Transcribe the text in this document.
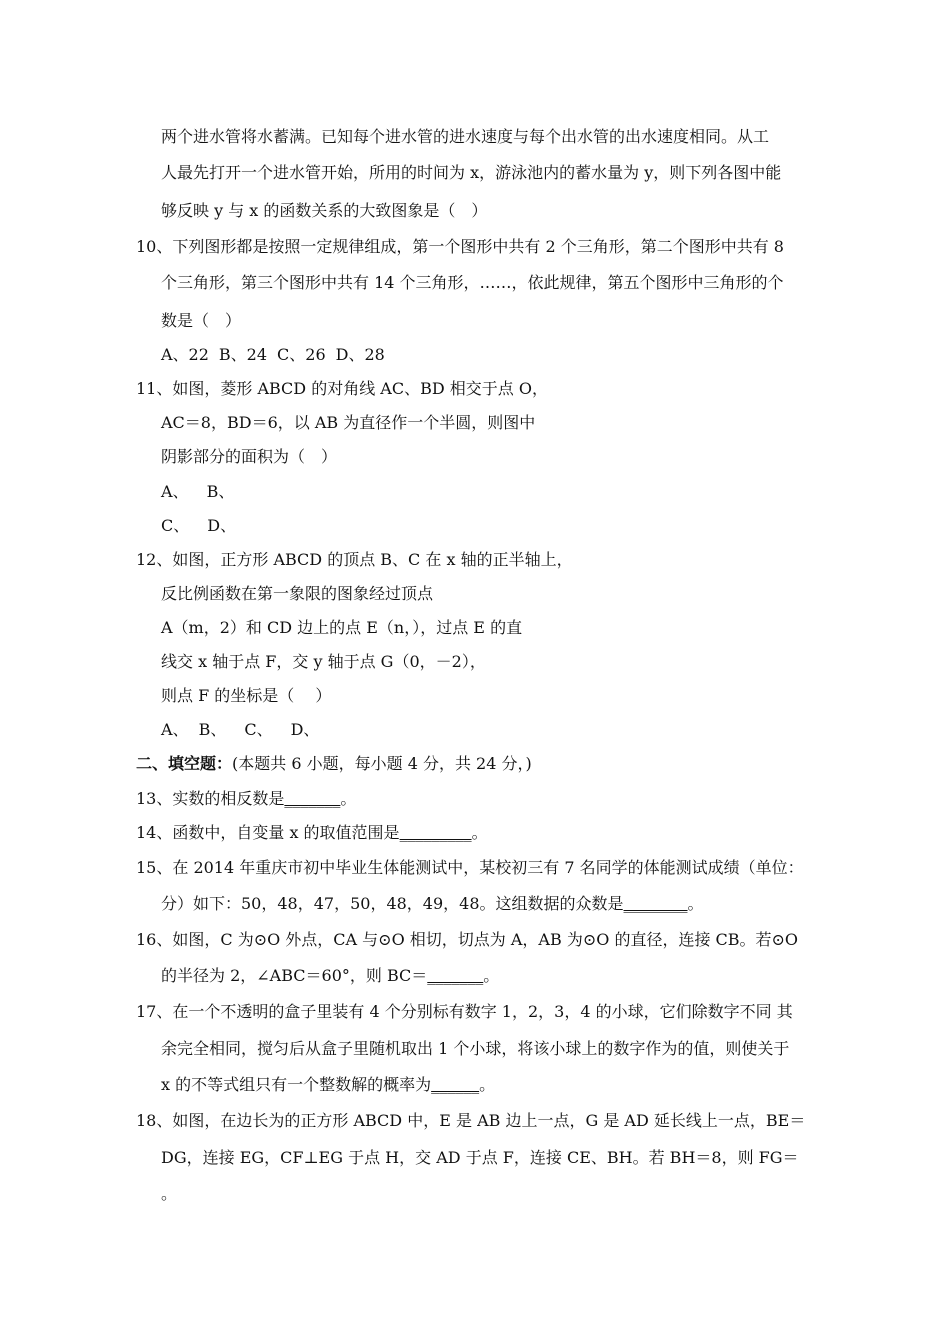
两个进水管将水蓄满。已知每个进水管的进水速度与每个出水管的出水速度相同。从工
人最先打开一个进水管开始，所用的时间为 x，游泳池内的蓄水量为 y，则下列各图中能
够反映 y 与 x 的函数关系的大致图象是（　）
10、下列图形都是按照一定规律组成，第一个图形中共有 2 个三角形，第二个图形中共有 8
个三角形，第三个图形中共有 14 个三角形，……，依此规律，第五个图形中三角形的个
数是（　）
A、22 B、24 C、26 D、28
11、如图，菱形 ABCD 的对角线 AC、BD 相交于点 O，
AC＝8，BD＝6，以 AB 为直径作一个半圆，则图中
阴影部分的面积为（　）
A、 B、
C、 D、
12、如图，正方形 ABCD 的顶点 B、C 在 x 轴的正半轴上，
反比例函数在第一象限的图象经过顶点
A（m，2）和 CD 边上的点 E（n，），过点 E 的直
线交 x 轴于点 F，交 y 轴于点 G（0，－2），
则点 F 的坐标是（　 ）
A、 B、 C、 D、
二、填空题：(本题共 6 小题，每小题 4 分，共 24 分，)
13、实数的相反数是_______。
14、函数中，自变量 x 的取值范围是_________。
15、在 2014 年重庆市初中毕业生体能测试中，某校初三有 7 名同学的体能测试成绩（单位：
分）如下：50，48，47，50，48，49，48。这组数据的众数是________。
16、如图，C 为⊙O 外点，CA 与⊙O 相切，切点为 A，AB 为⊙O 的直径，连接 CB。若⊙O
的半径为 2，∠ABC＝60°，则 BC＝_______。
17、在一个不透明的盒子里装有 4 个分别标有数字 1，2，3，4 的小球，它们除数字不同 其
余完全相同，搅匀后从盒子里随机取出 1 个小球，将该小球上的数字作为的值，则使关于
x 的不等式组只有一个整数解的概率为______。
18、如图，在边长为的正方形 ABCD 中，E 是 AB 边上一点，G 是 AD 延长线上一点，BE＝
DG，连接 EG，CF⊥EG 于点 H，交 AD 于点 F，连接 CE、BH。若 BH＝8，则 FG＝
。
